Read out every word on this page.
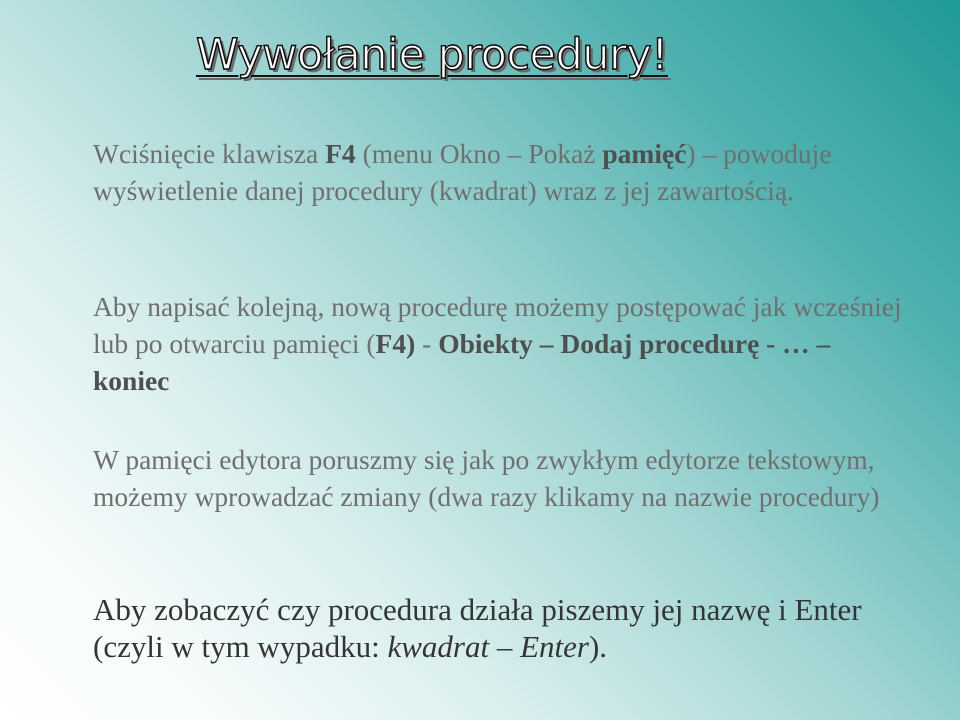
Wywołanie procedury!

Wciśnięcie klawisza F4 (menu Okno – Pokaż pamięć) – powoduje wyświetlenie danej procedury (kwadrat) wraz z jej zawartością.

Aby napisać kolejną, nową procedurę możemy postępować jak wcześniej lub po otwarciu pamięci (F4) - Obiekty – Dodaj procedurę - … – koniec

W pamięci edytora poruszmy się jak po zwykłym edytorze tekstowym, możemy wprowadzać zmiany (dwa razy klikamy na nazwie procedury)

Aby zobaczyć czy procedura działa piszemy jej nazwę i Enter (czyli w tym wypadku: kwadrat – Enter).
